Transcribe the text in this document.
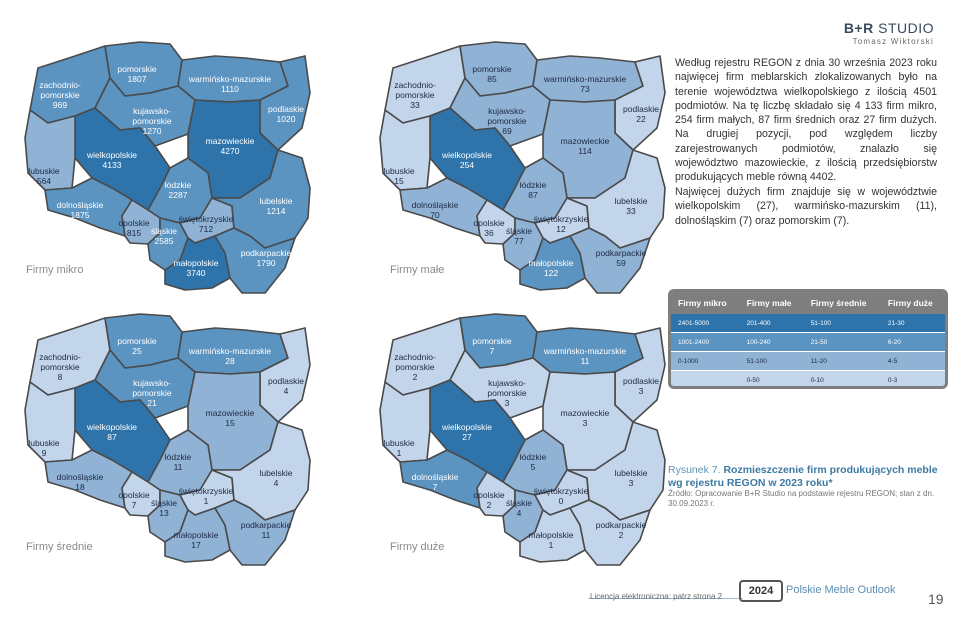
B+R STUDIO
Tomasz Wiktorski
zachodnio-
pomorskie
969
pomorskie
1807	warmińsko-mazurskie
1110
podlaskie
1020
kujawsko-
pomorskie
1270
wielkopolskie
4133
lubuskie
564
mazowieckie
4270
łódzkie
2287
dolnośląskie
1875
opolskie
815	śląskie
2585
świętokrzyskie
712
lubelskie
1214
małopolskie
3740
podkarpackie
1790
Firmy mikro
zachodnio-
pomorskie
33
pomorskie
85	warmińsko-mazurskie
73
podlaskie
22
kujawsko-
pomorskie
69
wielkopolskie
254
lubuskie
15
mazowieckie
114
łódzkie
87
dolnośląskie
70
opolskie
36	śląskie
77
świętokrzyskie
12
lubelskie
33
małopolskie
122
podkarpackie
59
Firmy małe
zachodnio-
pomorskie
8
pomorskie
25	warmińsko-mazurskie
28
podlaskie
4
kujawsko-
pomorskie
21
wielkopolskie
87
lubuskie
9
mazowieckie
15
łódzkie
11
dolnośląskie
18
opolskie
7	śląskie
13
świętokrzyskie
1
lubelskie
4
małopolskie
17
podkarpackie
11
Firmy średnie
zachodnio-
pomorskie
2
pomorskie
7	warmińsko-mazurskie
11
podlaskie
3
kujawsko-
pomorskie
3
wielkopolskie
27
lubuskie
1
mazowieckie
3
łódzkie
5
dolnośląskie
7
opolskie
2	śląskie
4
świętokrzyskie
0
lubelskie
3
małopolskie
1
podkarpackie
2
Firmy duże

Według rejestru REGON z dnia 30 września 2023 roku najwięcej firm meblarskich zlokalizowanych było na terenie województwa wielkopolskiego z ilością 4501 podmiotów. Na tę liczbę składało się 4 133 firm mikro, 254 firm małych, 87 firm średnich oraz 27 firm dużych. Na drugiej pozycji, pod względem liczby zarejestrowanych podmiotów, znalazło się województwo mazowieckie, z ilością przedsiębiorstw produkujących meble równą 4402.

Najwięcej dużych firm znajduje się w województwie wielkopolskim (27), warmińsko-mazurskim (11), dolnośląskim (7) oraz pomorskim (7).

Firmy mikro	Firmy małe	Firmy średnie	Firmy duże
2401-5000	201-400	51-100	21-30
1001-2400	100-240	21-50	6-20
0-1000	51-100	11-20	4-5
	0-50	0-10	0-3
Rysunek 7. Rozmieszczenie firm produkujących meble wg rejestru REGON w 2023 roku*
Źródło: Opracowanie B+R Studio na podstawie rejestru REGON; stan z dn. 30.09.2023 r.
Licencja elektroniczna: patrz strona 2	2024	Polskie Meble Outlook
19
